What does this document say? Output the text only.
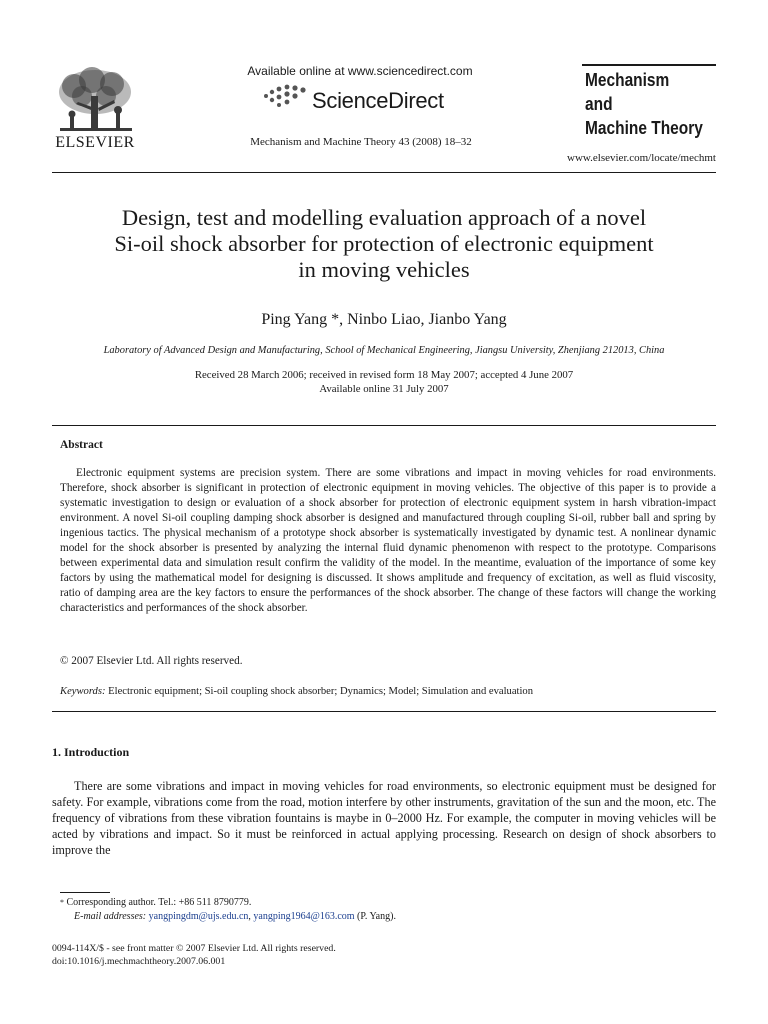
ELSEVIER
Available online at www.sciencedirect.com
ScienceDirect
Mechanism and Machine Theory 43 (2008) 18–32
Mechanism
and
Machine Theory
www.elsevier.com/locate/mechmt
Design, test and modelling evaluation approach of a novel
Si-oil shock absorber for protection of electronic equipment
in moving vehicles
Ping Yang *, Ninbo Liao, Jianbo Yang
Laboratory of Advanced Design and Manufacturing, School of Mechanical Engineering, Jiangsu University, Zhenjiang 212013, China
Received 28 March 2006; received in revised form 18 May 2007; accepted 4 June 2007
Available online 31 July 2007
Abstract

Electronic equipment systems are precision system. There are some vibrations and impact in moving vehicles for road environments. Therefore, shock absorber is significant in protection of electronic equipment in moving vehicles. The objective of this paper is to provide a systematic investigation to design or evaluation of a shock absorber for protection of electronic equipment system in harsh vibration-impact environment. A novel Si-oil coupling damping shock absorber is designed and manufactured through coupling Si-oil, rubber ball and spring by ingenious tactics. The physical mechanism of a prototype shock absorber is systematically investigated by dynamic test. A nonlinear dynamic model for the shock absorber is presented by analyzing the internal fluid dynamic phenomenon with respect to the prototype. Comparisons between experimental data and simulation result confirm the validity of the model. In the meantime, evaluation of the importance of some key factors by using the mathematical model for designing is discussed. It shows amplitude and frequency of excitation, as well as fluid viscosity, ratio of damping area are the key factors to ensure the performances of the shock absorber. The change of these factors will change the working characteristics and performances of the shock absorber.

© 2007 Elsevier Ltd. All rights reserved.
Keywords: Electronic equipment; Si-oil coupling shock absorber; Dynamics; Model; Simulation and evaluation
1. Introduction

There are some vibrations and impact in moving vehicles for road environments, so electronic equipment must be designed for safety. For example, vibrations come from the road, motion interfere by other instruments, gravitation of the sun and the moon, etc. The frequency of vibrations from these vibration fountains is maybe in 0–2000 Hz. For example, the computer in moving vehicles will be acted by vibrations and impact. So it must be reinforced in actual applying processing. Research on design of shock absorbers to improve the

* Corresponding author. Tel.: +86 511 8790779.
E-mail addresses: yangpingdm@ujs.edu.cn, yangping1964@163.com (P. Yang).
0094-114X/$ - see front matter © 2007 Elsevier Ltd. All rights reserved.
doi:10.1016/j.mechmachtheory.2007.06.001
